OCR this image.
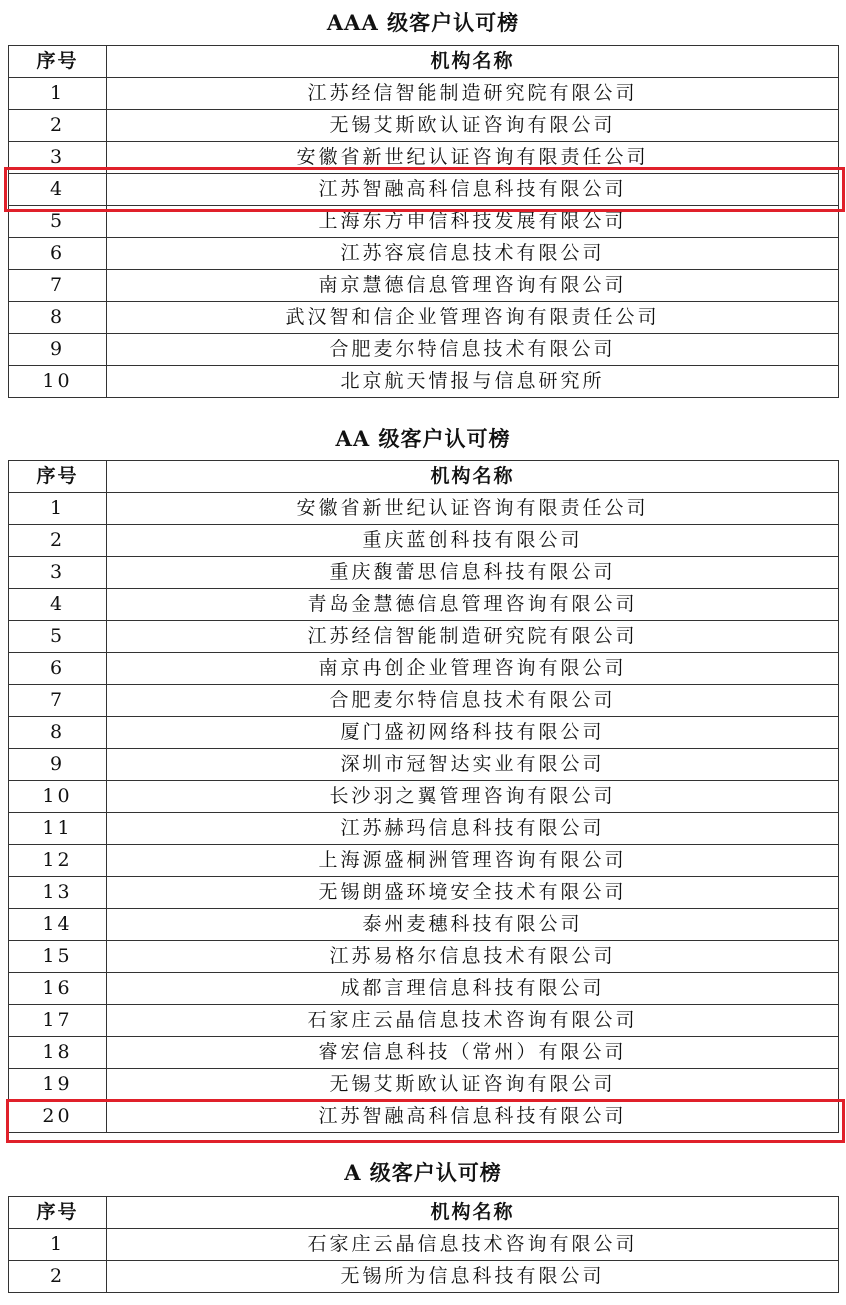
AAA 级客户认可榜
序号	机构名称
1	江苏经信智能制造研究院有限公司
2	无锡艾斯欧认证咨询有限公司
3	安徽省新世纪认证咨询有限责任公司
4	江苏智融高科信息科技有限公司
5	上海东方申信科技发展有限公司
6	江苏容宸信息技术有限公司
7	南京慧德信息管理咨询有限公司
8	武汉智和信企业管理咨询有限责任公司
9	合肥麦尔特信息技术有限公司
10	北京航天情报与信息研究所
AA 级客户认可榜
序号	机构名称
1	安徽省新世纪认证咨询有限责任公司
2	重庆蓝创科技有限公司
3	重庆馥蕾思信息科技有限公司
4	青岛金慧德信息管理咨询有限公司
5	江苏经信智能制造研究院有限公司
6	南京冉创企业管理咨询有限公司
7	合肥麦尔特信息技术有限公司
8	厦门盛初网络科技有限公司
9	深圳市冠智达实业有限公司
10	长沙羽之翼管理咨询有限公司
11	江苏赫玛信息科技有限公司
12	上海源盛桐洲管理咨询有限公司
13	无锡朗盛环境安全技术有限公司
14	泰州麦穗科技有限公司
15	江苏易格尔信息技术有限公司
16	成都言理信息科技有限公司
17	石家庄云晶信息技术咨询有限公司
18	睿宏信息科技（常州）有限公司
19	无锡艾斯欧认证咨询有限公司
20	江苏智融高科信息科技有限公司
A 级客户认可榜
序号	机构名称
1	石家庄云晶信息技术咨询有限公司
2	无锡所为信息科技有限公司
